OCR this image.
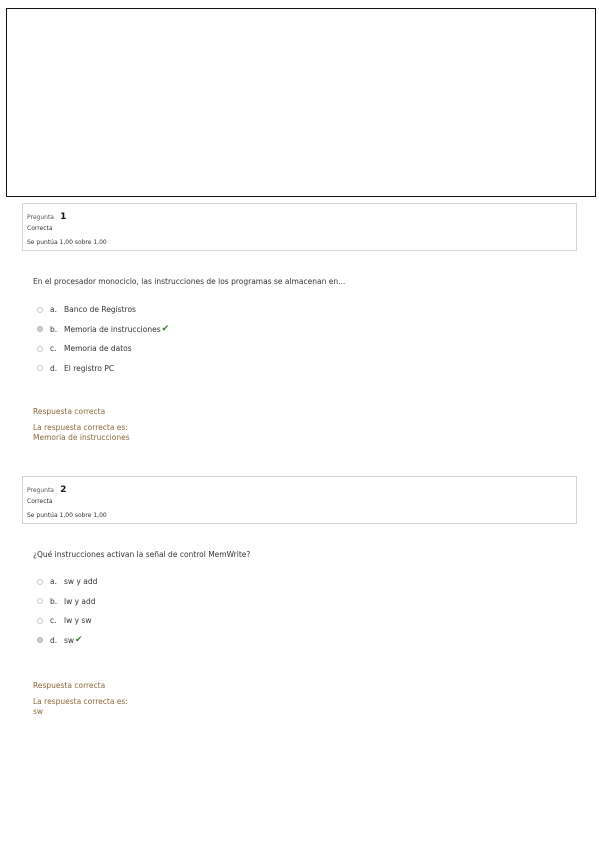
Pregunta 1
Correcta
Se puntúa 1,00 sobre 1,00
En el procesador monociclo, las instrucciones de los programas se almacenan en...
a. Banco de Registros
b. Memoria de instrucciones ✔
c. Memoria de datos
d. El registro PC
Respuesta correcta
La respuesta correcta es:
Memoria de instrucciones
Pregunta 2
Correcta
Se puntúa 1,00 sobre 1,00
¿Qué instrucciones activan la señal de control MemWrite?
a. sw y add
b. lw y add
c. lw y sw
d. sw ✔
Respuesta correcta
La respuesta correcta es:
sw
